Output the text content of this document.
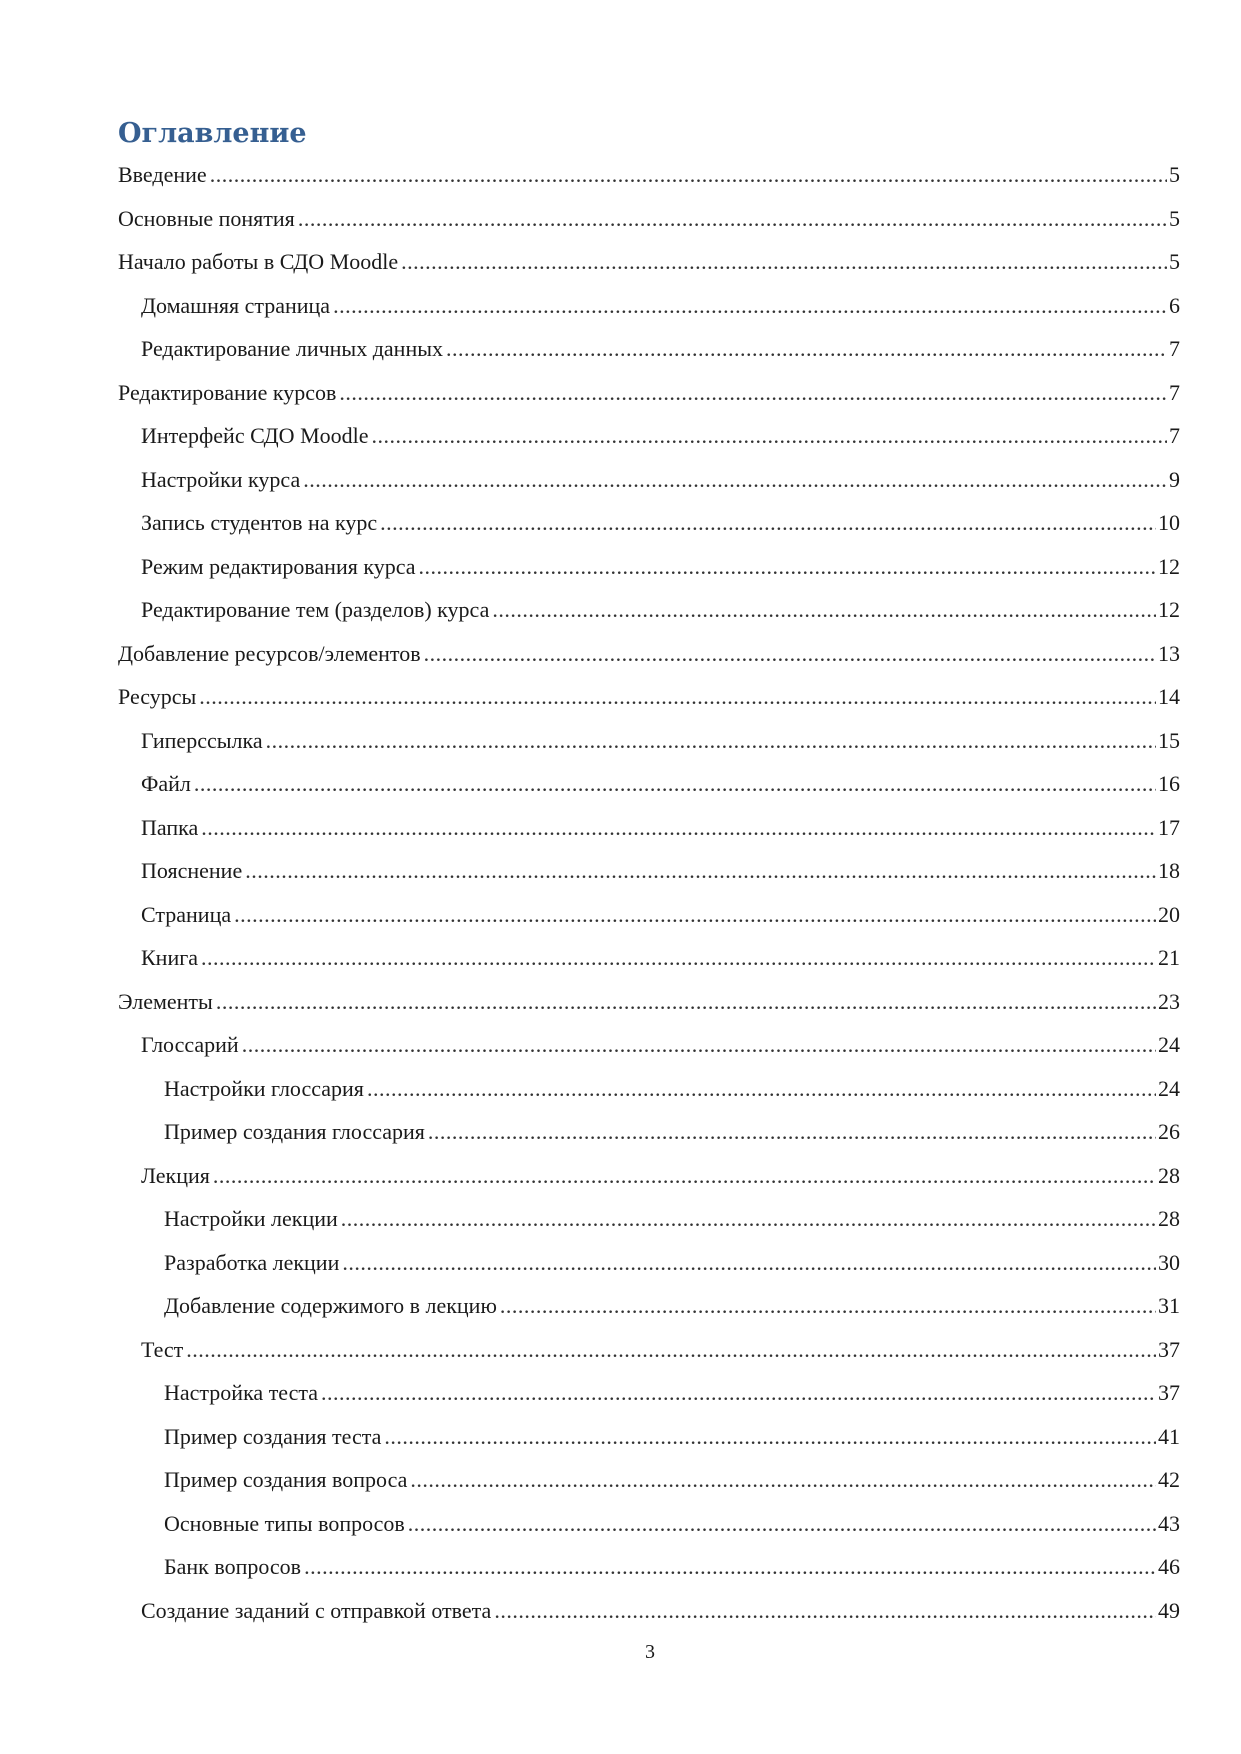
Оглавление
Введение .....	5
Основные понятия .....	5
Начало работы в СДО Moodle .....	5
Домашняя страница .....	6
Редактирование личных данных .....	7
Редактирование курсов .....	7
Интерфейс СДО Moodle .....	7
Настройки курса .....	9
Запись студентов на курс .....	10
Режим редактирования курса .....	12
Редактирование тем (разделов) курса .....	12
Добавление ресурсов/элементов .....	13
Ресурсы .....	14
Гиперссылка .....	15
Файл .....	16
Папка .....	17
Пояснение .....	18
Страница .....	20
Книга .....	21
Элементы .....	23
Глоссарий .....	24
Настройки глоссария .....	24
Пример создания глоссария .....	26
Лекция .....	28
Настройки лекции .....	28
Разработка лекции .....	30
Добавление содержимого в лекцию .....	31
Тест .....	37
Настройка теста .....	37
Пример создания теста .....	41
Пример создания вопроса .....	42
Основные типы вопросов .....	43
Банк вопросов .....	46
Создание заданий с отправкой ответа .....	49
3
